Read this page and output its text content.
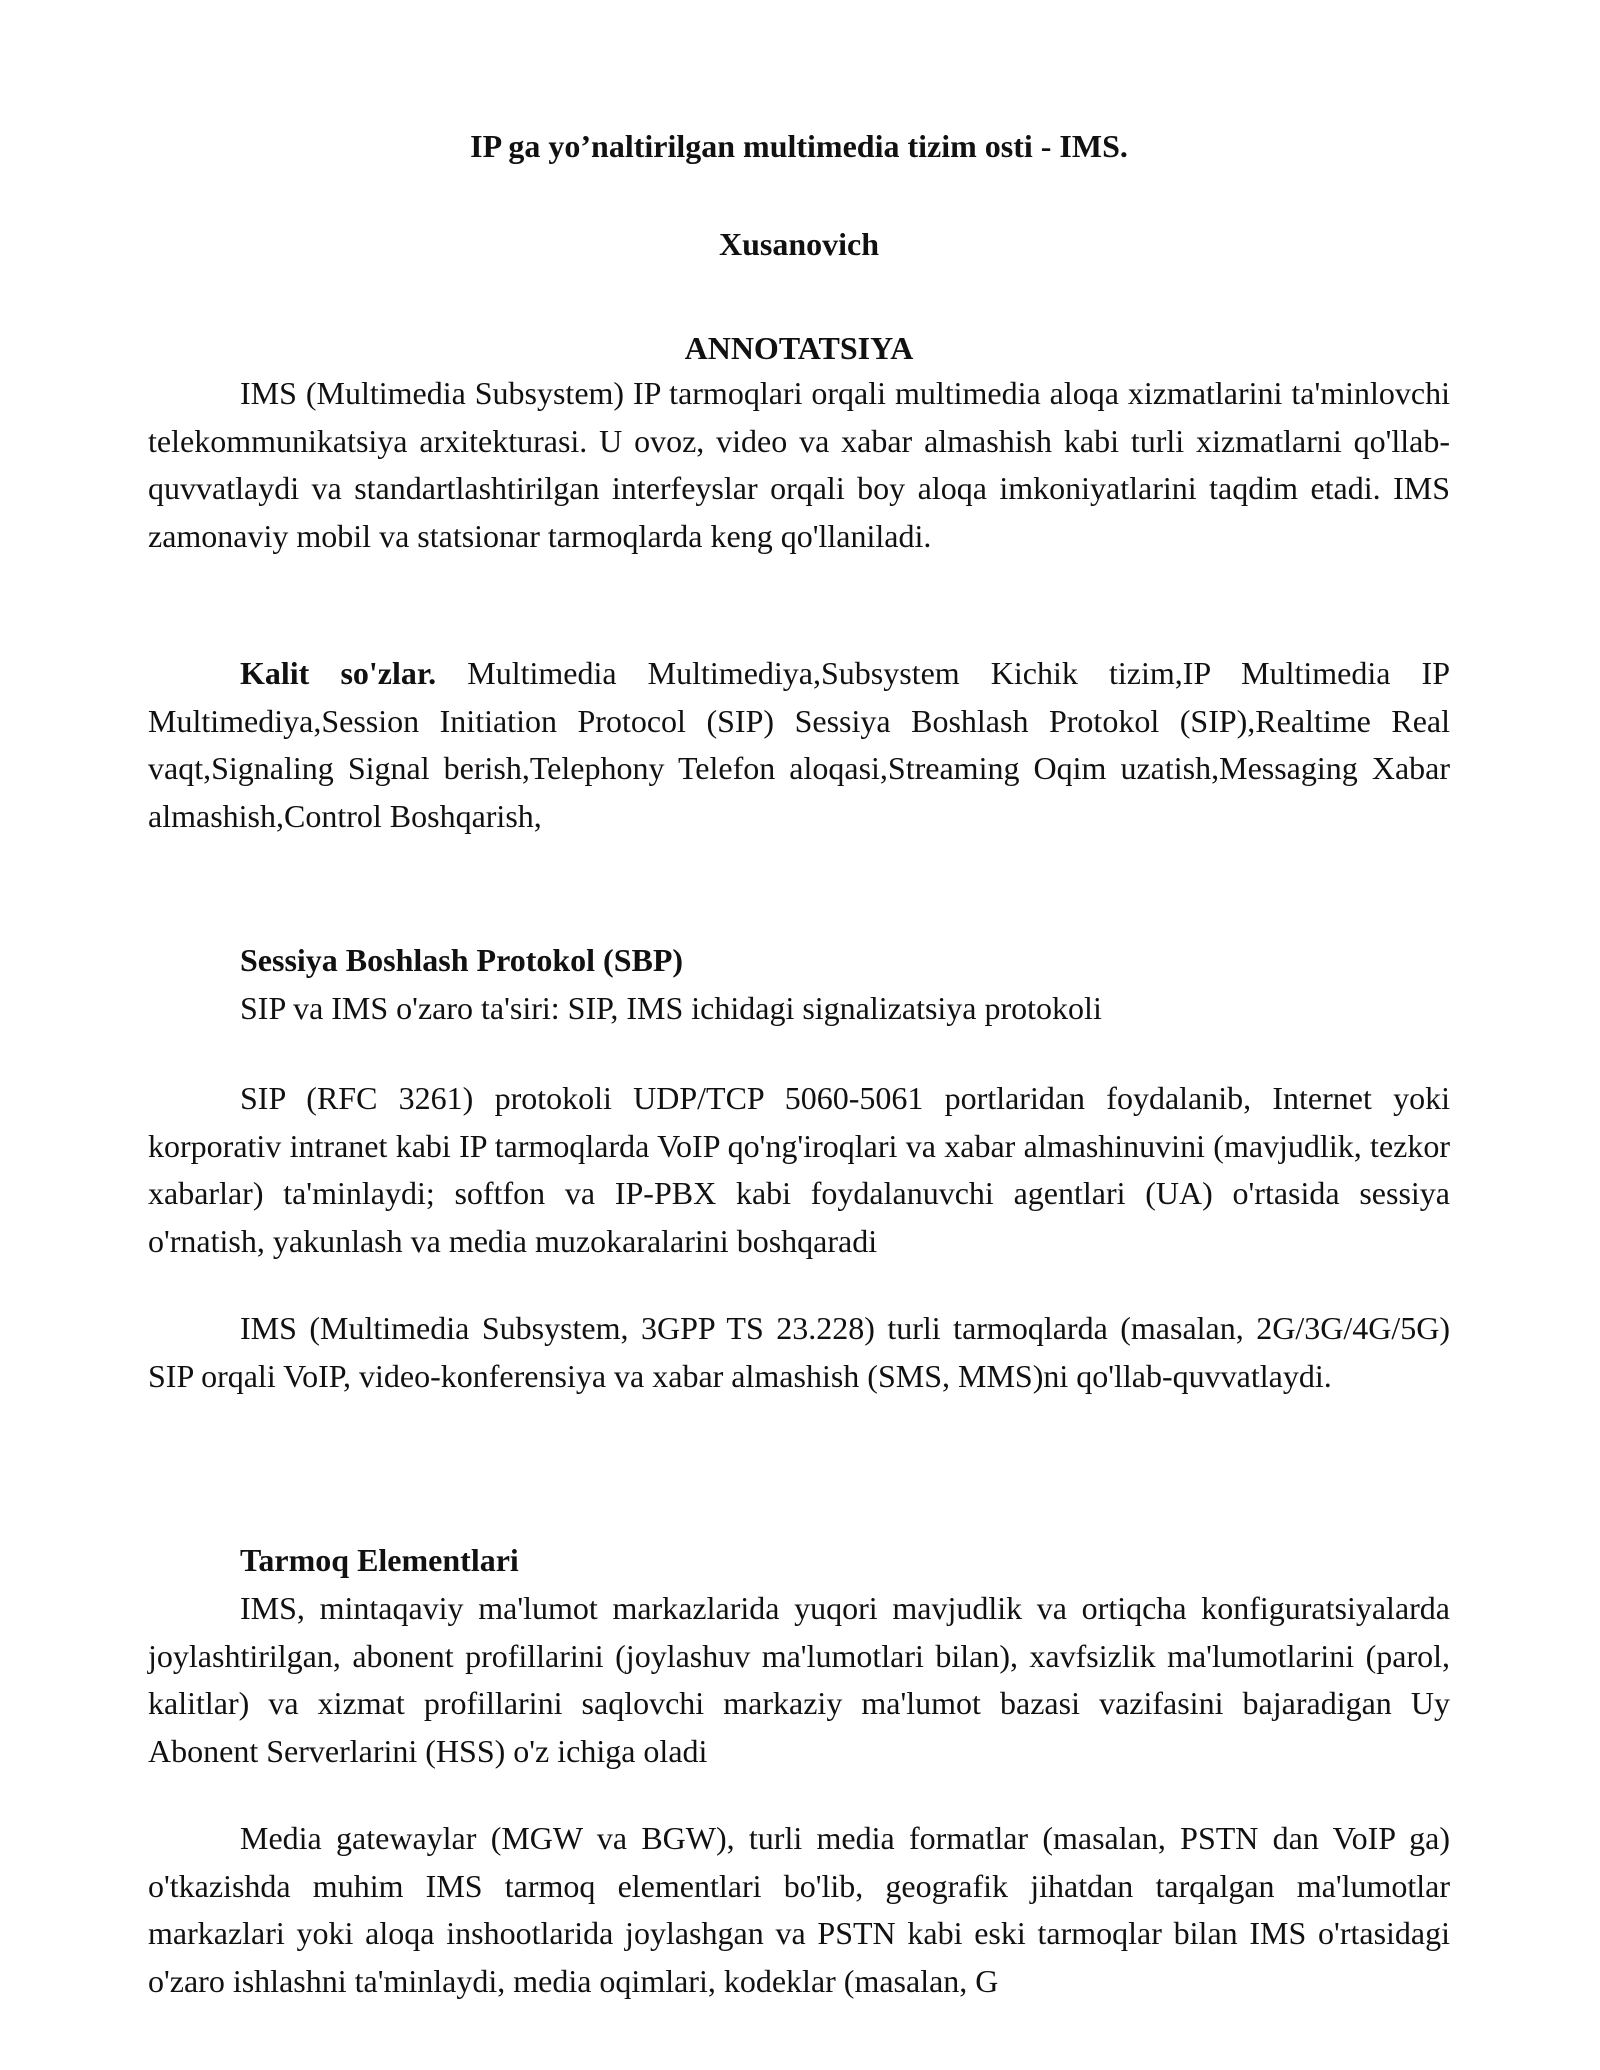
IP ga yo’naltirilgan multimedia tizim osti - IMS.

Xusanovich

ANNOTATSIYA

IMS (Multimedia Subsystem) IP tarmoqlari orqali multimedia aloqa xizmatlarini ta'minlovchi telekommunikatsiya arxitekturasi. U ovoz, video va xabar almashish kabi turli xizmatlarni qo'llab-quvvatlaydi va standartlashtirilgan interfeyslar orqali boy aloqa imkoniyatlarini taqdim etadi. IMS zamonaviy mobil va statsionar tarmoqlarda keng qo'llaniladi.

Kalit so'zlar. Multimedia Multimediya,Subsystem Kichik tizim,IP Multimedia IP Multimediya,Session Initiation Protocol (SIP) Sessiya Boshlash Protokol (SIP),Realtime Real vaqt,Signaling Signal berish,Telephony Telefon aloqasi,Streaming Oqim uzatish,Messaging Xabar almashish,Control Boshqarish,

Sessiya Boshlash Protokol (SBP)

SIP va IMS o'zaro ta'siri: SIP, IMS ichidagi signalizatsiya protokoli

SIP (RFC 3261) protokoli UDP/TCP 5060-5061 portlaridan foydalanib, Internet yoki korporativ intranet kabi IP tarmoqlarda VoIP qo'ng'iroqlari va xabar almashinuvini (mavjudlik, tezkor xabarlar) ta'minlaydi; softfon va IP-PBX kabi foydalanuvchi agentlari (UA) o'rtasida sessiya o'rnatish, yakunlash va media muzokaralarini boshqaradi

IMS (Multimedia Subsystem, 3GPP TS 23.228) turli tarmoqlarda (masalan, 2G/3G/4G/5G) SIP orqali VoIP, video-konferensiya va xabar almashish (SMS, MMS)ni qo'llab-quvvatlaydi.

Tarmoq Elementlari

IMS, mintaqaviy ma'lumot markazlarida yuqori mavjudlik va ortiqcha konfiguratsiyalarda joylashtirilgan, abonent profillarini (joylashuv ma'lumotlari bilan), xavfsizlik ma'lumotlarini (parol, kalitlar) va xizmat profillarini saqlovchi markaziy ma'lumot bazasi vazifasini bajaradigan Uy Abonent Serverlarini (HSS) o'z ichiga oladi

Media gatewaylar (MGW va BGW), turli media formatlar (masalan, PSTN dan VoIP ga) o'tkazishda muhim IMS tarmoq elementlari bo'lib, geografik jihatdan tarqalgan ma'lumotlar markazlari yoki aloqa inshootlarida joylashgan va PSTN kabi eski tarmoqlar bilan IMS o'rtasidagi o'zaro ishlashni ta'minlaydi, media oqimlari, kodeklar (masalan, G
